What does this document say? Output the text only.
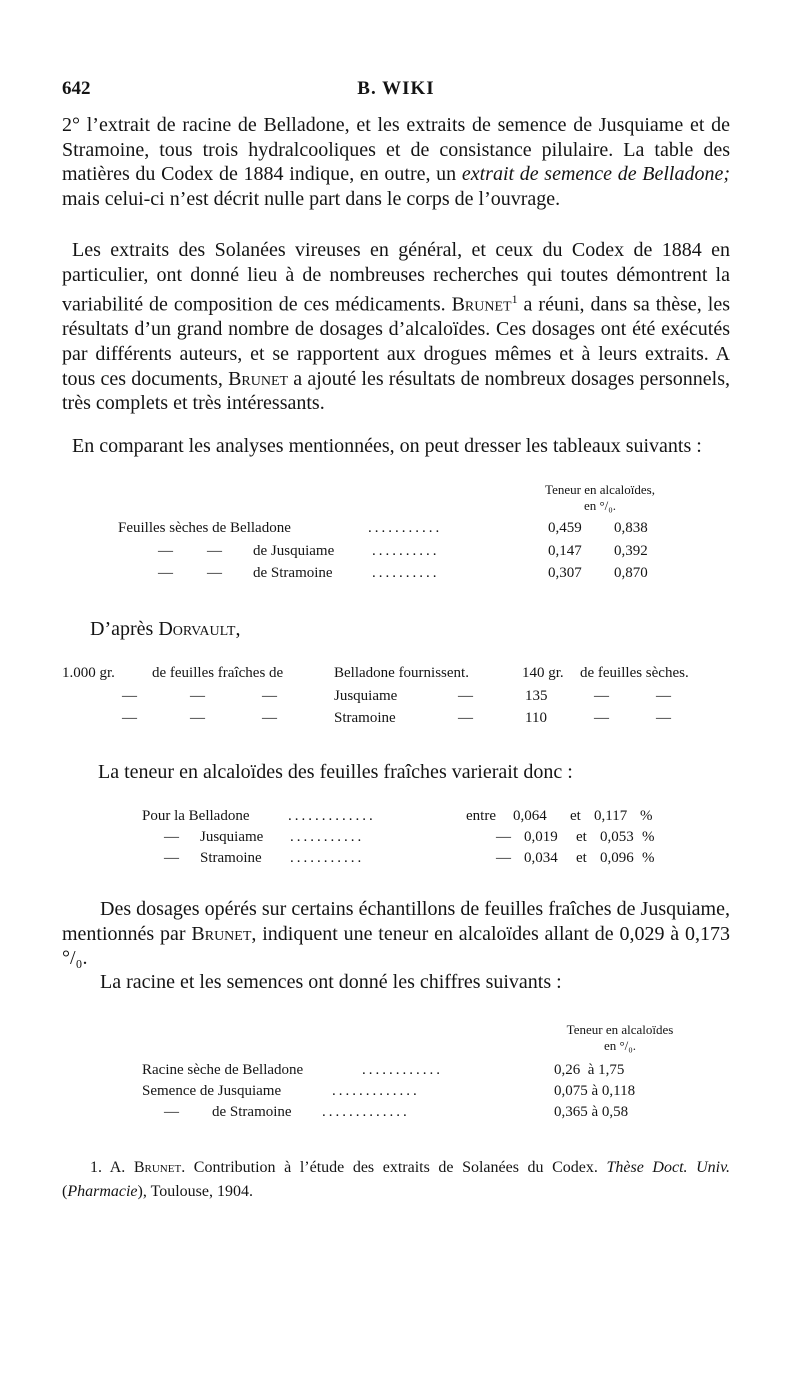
642	B. WIKI

2° l’extrait de racine de Belladone, et les extraits de semence de Jusquiame et de Stramoine, tous trois hydralcooliques et de consistance pilulaire. La table des matières du Codex de 1884 indique, en outre, un extrait de semence de Belladone; mais celui-ci n’est décrit nulle part dans le corps de l’ouvrage.

Les extraits des Solanées vireuses en général, et ceux du Codex de 1884 en particulier, ont donné lieu à de nombreuses recherches qui toutes démontrent la variabilité de composition de ces médicaments. Brunet$^1$ a réuni, dans sa thèse, les résultats d’un grand nombre de dosages d’alcaloïdes. Ces dosages ont été exécutés par différents auteurs, et se rapportent aux drogues mêmes et à leurs extraits. A tous ces documents, Brunet a ajouté les résultats de nombreux dosages personnels, très complets et très intéressants.

En comparant les analyses mentionnées, on peut dresser les tableaux suivants :

Teneur en alcaloïdes,
en °/₀.
Feuilles sèches de Belladone	...........	0,459 0,838
— — de Jusquiame	..........	0,147 0,392
— — de Stramoine	..........	0,307 0,870
D’après Dorvault,
1.000 gr. de feuilles fraîches de	Belladone fournissent.	140 gr. de feuilles sèches.
—	—	—	Jusquiame	—	135	—	—
—	—	—	Stramoine	—	110	—	—
La teneur en alcaloïdes des feuilles fraîches varierait donc :
Pour la Belladone	.............	entre 0,064 et 0,117 %
— Jusquiame ...........	— 0,019 et 0,053 %
— Stramoine ...........	— 0,034 et 0,096 %

Des dosages opérés sur certains échantillons de feuilles fraîches de Jusquiame, mentionnés par Brunet, indiquent une teneur en alcaloïdes allant de 0,029 à 0,173 °/₀.

La racine et les semences ont donné les chiffres suivants :
Teneur en alcaloïdes
en °/₀.
Racine sèche de Belladone	............	0,26  à 1,75
Semence de Jusquiame	.............	0,075 à 0,118
— de Stramoine .............	0,365 à 0,58
1. A. Brunet. Contribution à l’étude des extraits de Solanées du Codex. Thèse Doct. Univ. (Pharmacie), Toulouse, 1904.
